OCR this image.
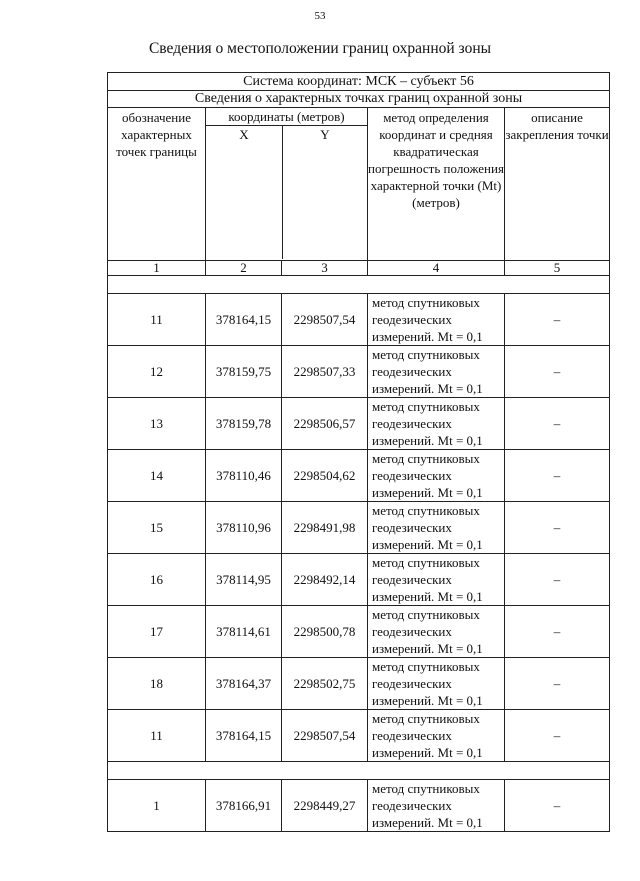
53
Сведения о местоположении границ охранной зоны
Система координат: МСК – субъект 56				
Сведения о характерных точках границ охранной зоны				
обозначение характерных точек границы	координаты (метров)
X Y		метод определения координат и средняя квадратическая погрешность положения характерной точки (Mt) (метров)	описание закрепления точки
1	2	3	4	5

11	378164,15	2298507,54	метод спутниковых геодезических измерений. Mt = 0,1	–
12	378159,75	2298507,33	метод спутниковых геодезических измерений. Mt = 0,1	–
13	378159,78	2298506,57	метод спутниковых геодезических измерений. Mt = 0,1	–
14	378110,46	2298504,62	метод спутниковых геодезических измерений. Mt = 0,1	–
15	378110,96	2298491,98	метод спутниковых геодезических измерений. Mt = 0,1	–
16	378114,95	2298492,14	метод спутниковых геодезических измерений. Mt = 0,1	–
17	378114,61	2298500,78	метод спутниковых геодезических измерений. Mt = 0,1	–
18	378164,37	2298502,75	метод спутниковых геодезических измерений. Mt = 0,1	–
11	378164,15	2298507,54	метод спутниковых геодезических измерений. Mt = 0,1	–

1	378166,91	2298449,27	метод спутниковых геодезических измерений. Mt = 0,1	–
